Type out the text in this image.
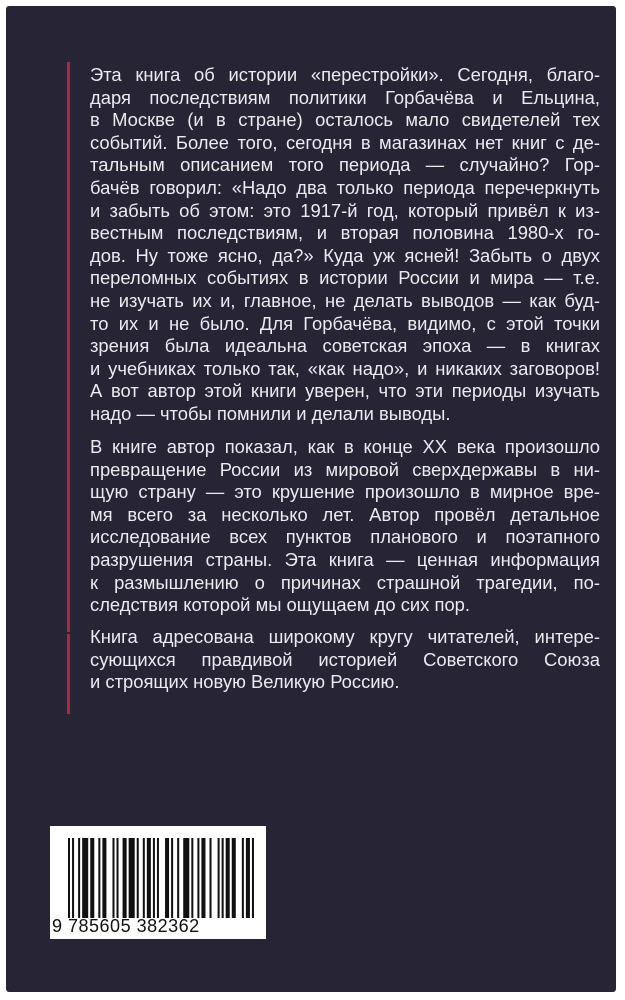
Эта книга об истории «перестройки». Сегодня, благо-
даря последствиям политики Горбачёва и Ельцина,
в Москве (и в стране) осталось мало свидетелей тех
событий. Более того, сегодня в магазинах нет книг с де-
тальным описанием того периода — случайно? Гор-
бачёв говорил: «Надо два только периода перечеркнуть
и забыть об этом: это 1917-й год, который привёл к из-
вестным последствиям, и вторая половина 1980-х го-
дов. Ну тоже ясно, да?» Куда уж ясней! Забыть о двух
переломных событиях в истории России и мира — т.е.
не изучать их и, главное, не делать выводов — как буд-
то их и не было. Для Горбачёва, видимо, с этой точки
зрения была идеальна советская эпоха — в книгах
и учебниках только так, «как надо», и никаких заговоров!
А вот автор этой книги уверен, что эти периоды изучать
надо — чтобы помнили и делали выводы.
В книге автор показал, как в конце XX века произошло
превращение России из мировой сверхдержавы в ни-
щую страну — это крушение произошло в мирное вре-
мя всего за несколько лет. Автор провёл детальное
исследование всех пунктов планового и поэтапного
разрушения страны. Эта книга — ценная информация
к размышлению о причинах страшной трагедии, по-
следствия которой мы ощущаем до сих пор.
Книга адресована широкому кругу читателей, интере-
сующихся правдивой историей Советского Союза
и строящих новую Великую Россию.
9 785605 382362
